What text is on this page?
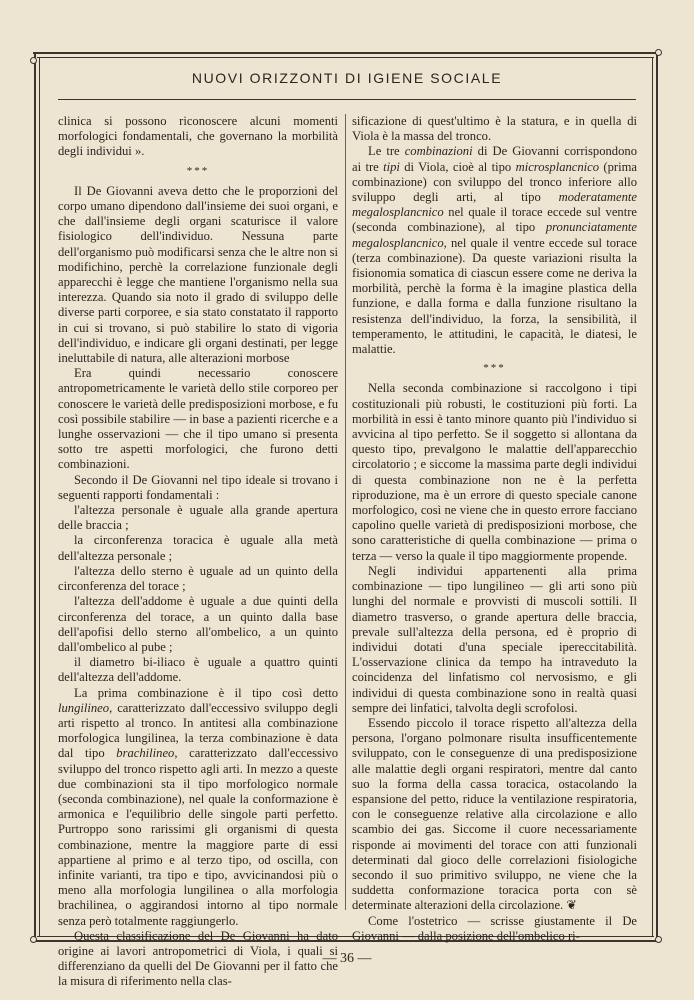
NUOVI ORIZZONTI DI IGIENE SOCIALE

clinica si possono riconoscere alcuni momenti morfologici fondamentali, che governano la morbilità degli individui ».

***

Il De Giovanni aveva detto che le proporzioni del corpo umano dipendono dall'insieme dei suoi organi, e che dall'insieme degli organi scaturisce il valore fisiologico dell'individuo. Nessuna parte dell'organismo può modificarsi senza che le altre non si modifichino, perchè la correlazione funzionale degli apparecchi è legge che mantiene l'organismo nella sua interezza. Quando sia noto il grado di sviluppo delle diverse parti corporee, e sia stato constatato il rapporto in cui si trovano, si può stabilire lo stato di vigoria dell'individuo, e indicare gli organi destinati, per legge ineluttabile di natura, alle alterazioni morbose

Era quindi necessario conoscere antropometricamente le varietà dello stile corporeo per conoscere le varietà delle predisposizioni morbose, e fu così possibile stabilire — in base a pazienti ricerche e a lunghe osservazioni — che il tipo umano si presenta sotto tre aspetti morfologici, che furono detti combinazioni.

Secondo il De Giovanni nel tipo ideale si trovano i seguenti rapporti fondamentali :

l'altezza personale è uguale alla grande apertura delle braccia ;

la circonferenza toracica è uguale alla metà dell'altezza personale ;

l'altezza dello sterno è uguale ad un quinto della circonferenza del torace ;

l'altezza dell'addome è uguale a due quinti della circonferenza del torace, a un quinto dalla base dell'apofisi dello sterno all'ombelico, a un quinto dall'ombelico al pube ;

il diametro bi-iliaco è uguale a quattro quinti dell'altezza dell'addome.

La prima combinazione è il tipo così detto lungilineo, caratterizzato dall'eccessivo sviluppo degli arti rispetto al tronco. In antitesi alla combinazione morfologica lungilinea, la terza combinazione è data dal tipo brachilineo, caratterizzato dall'eccessivo sviluppo del tronco rispetto agli arti. In mezzo a queste due combinazioni sta il tipo morfologico normale (seconda combinazione), nel quale la conformazione è armonica e l'equilibrio delle singole parti perfetto. Purtroppo sono rarissimi gli organismi di questa combinazione, mentre la maggiore parte di essi appartiene al primo e al terzo tipo, od oscilla, con infinite varianti, tra tipo e tipo, avvicinandosi più o meno alla morfologia lungilinea o alla morfologia brachilinea, o aggirandosi intorno al tipo normale senza però totalmente raggiungerlo.

Questa classificazione del De Giovanni ha dato origine ai lavori antropometrici di Viola, i quali si differenziano da quelli del De Giovanni per il fatto che la misura di riferimento nella clas-

sificazione di quest'ultimo è la statura, e in quella di Viola è la massa del tronco.

Le tre combinazioni di De Giovanni corrispondono ai tre tipi di Viola, cioè al tipo microsplancnico (prima combinazione) con sviluppo del tronco inferiore allo sviluppo degli arti, al tipo moderatamente megalosplancnico nel quale il torace eccede sul ventre (seconda combinazione), al tipo pronunciatamente megalosplancnico, nel quale il ventre eccede sul torace (terza combinazione). Da queste variazioni risulta la fisionomia somatica di ciascun essere come ne deriva la morbilità, perchè la forma è la imagine plastica della funzione, e dalla forma e dalla funzione risultano la resistenza dell'individuo, la forza, la sensibilità, il temperamento, le attitudini, le capacità, le diatesi, le malattie.

***

Nella seconda combinazione si raccolgono i tipi costituzionali più robusti, le costituzioni più forti. La morbilità in essi è tanto minore quanto più l'individuo si avvicina al tipo perfetto. Se il soggetto si allontana da questo tipo, prevalgono le malattie dell'apparecchio circolatorio ; e siccome la massima parte degli individui di questa combinazione non ne è la perfetta riproduzione, ma è un errore di questo speciale canone morfologico, così ne viene che in questo errore facciano capolino quelle varietà di predisposizioni morbose, che sono caratteristiche di quella combinazione — prima o terza — verso la quale il tipo maggiormente propende.

Negli individui appartenenti alla prima combinazione — tipo lungilineo — gli arti sono più lunghi del normale e provvisti di muscoli sottili. Il diametro trasverso, o grande apertura delle braccia, prevale sull'altezza della persona, ed è proprio di individui dotati d'una speciale ipereccitabilità. L'osservazione clinica da tempo ha intraveduto la coincidenza del linfatismo col nervosismo, e gli individui di questa combinazione sono in realtà quasi sempre dei linfatici, talvolta degli scrofolosi.

Essendo piccolo il torace rispetto all'altezza della persona, l'organo polmonare risulta insufficentemente sviluppato, con le conseguenze di una predisposizione alle malattie degli organi respiratori, mentre dal canto suo la forma della cassa toracica, ostacolando la espansione del petto, riduce la ventilazione respiratoria, con le conseguenze relative alla circolazione e allo scambio dei gas. Siccome il cuore necessariamente risponde ai movimenti del torace con atti funzionali determinati dal gioco delle correlazioni fisiologiche secondo il suo primitivo sviluppo, ne viene che la suddetta conformazione toracica porta con sè determinate alterazioni della circolazione. ❦

Come l'ostetrico — scrisse giustamente il De Giovanni — dalla posizione dell'ombelico ri-

— 36 —
